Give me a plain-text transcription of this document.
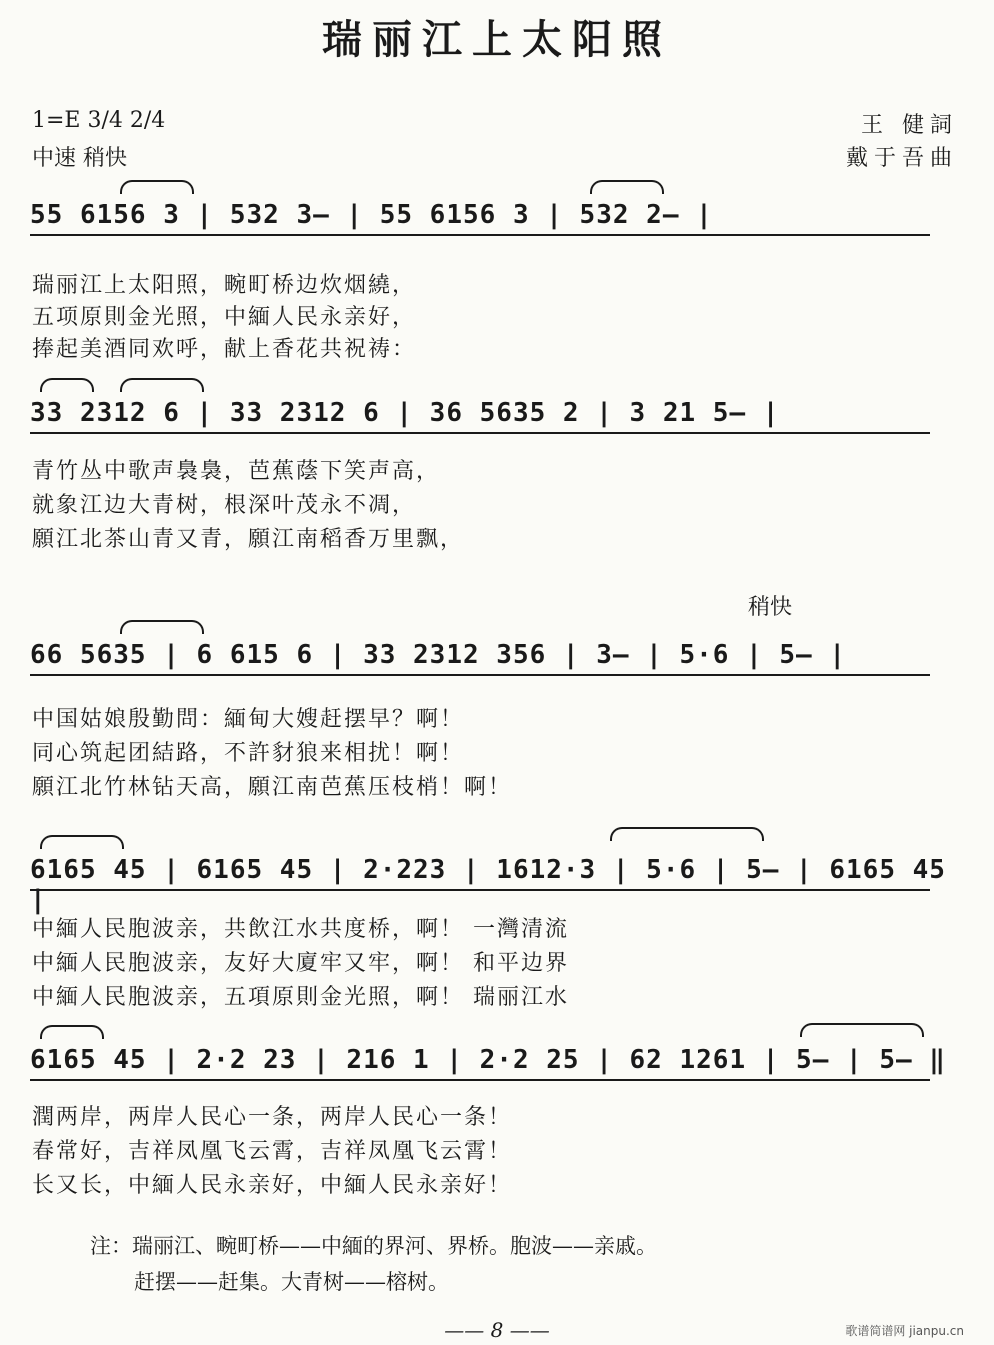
瑞丽江上太阳照
1=E 3/4 2/4
中速 稍快
王 健詞
戴于吾曲
55 6156 3 | 532 3— | 55 6156 3 | 532 2— |
瑞丽江上太阳照，畹町桥边炊烟繞，
五项原則金光照，中緬人民永亲好，
捧起美酒同欢呼，献上香花共祝祷：
33 2312 6 | 33 2312 6 | 36 5635 2 | 3 21 5— |
青竹丛中歌声裊裊，芭蕉蔭下笑声高，
就象江边大青树，根深叶茂永不凋，
願江北茶山青又青，願江南稻香万里飘，
稍快
66 5635 | 6 615 6 | 33 2312 356 | 3— | 5·6 | 5— |
中国姑娘殷勤問：緬甸大嫂赶摆早？啊！
同心筑起团結路，不許豺狼来相扰！啊！
願江北竹林钻天高，願江南芭蕉压枝梢！啊！
6165 45 | 6165 45 | 2·223 | 1612·3 | 5·6 | 5— | 6165 45 |
中緬人民胞波亲，共飲江水共度桥，啊！ 一灣清流
中緬人民胞波亲，友好大廈牢又牢，啊！ 和平边界
中緬人民胞波亲，五項原則金光照，啊！ 瑞丽江水
6165 45 | 2·2 23 | 216 1 | 2·2 25 | 62 1261 | 5— | 5— ‖
潤两岸，两岸人民心一条，两岸人民心一条！
春常好，吉祥凤凰飞云霄，吉祥凤凰飞云霄！
长又长，中緬人民永亲好，中緬人民永亲好！
注：瑞丽江、畹町桥——中緬的界河、界桥。胞波——亲戚。
赶摆——赶集。大青树——榕树。
—— 8 ——	歌谱简谱网 jianpu.cn
